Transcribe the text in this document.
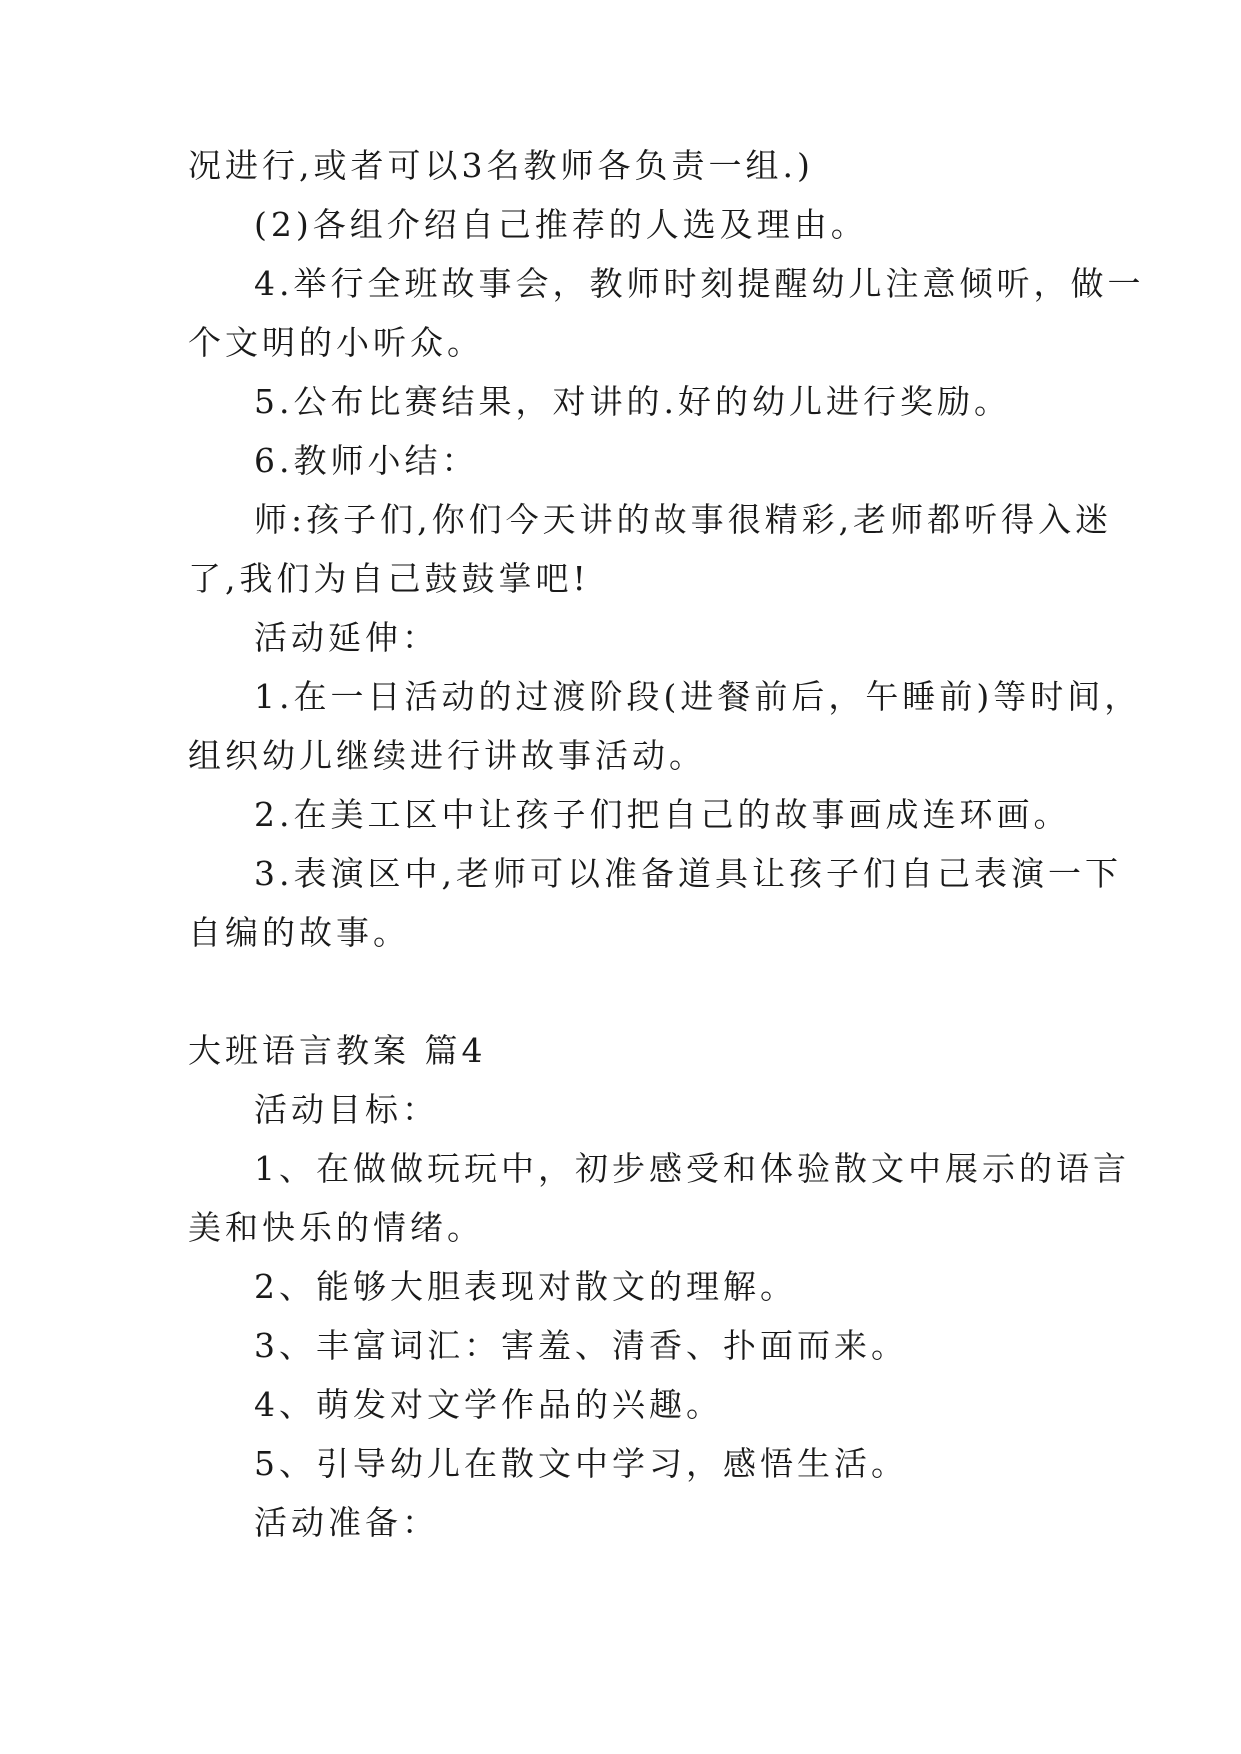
况进行,或者可以3名教师各负责一组.)
(2)各组介绍自己推荐的人选及理由。
4.举行全班故事会，教师时刻提醒幼儿注意倾听，做一
个文明的小听众。
5.公布比赛结果，对讲的.好的幼儿进行奖励。
6.教师小结：
师:孩子们,你们今天讲的故事很精彩,老师都听得入迷
了,我们为自己鼓鼓掌吧!
活动延伸：
1.在一日活动的过渡阶段(进餐前后，午睡前)等时间，
组织幼儿继续进行讲故事活动。
2.在美工区中让孩子们把自己的故事画成连环画。
3.表演区中,老师可以准备道具让孩子们自己表演一下
自编的故事。
大班语言教案 篇4
活动目标：
1、在做做玩玩中，初步感受和体验散文中展示的语言
美和快乐的情绪。
2、能够大胆表现对散文的理解。
3、丰富词汇：害羞、清香、扑面而来。
4、萌发对文学作品的兴趣。
5、引导幼儿在散文中学习，感悟生活。
活动准备：
